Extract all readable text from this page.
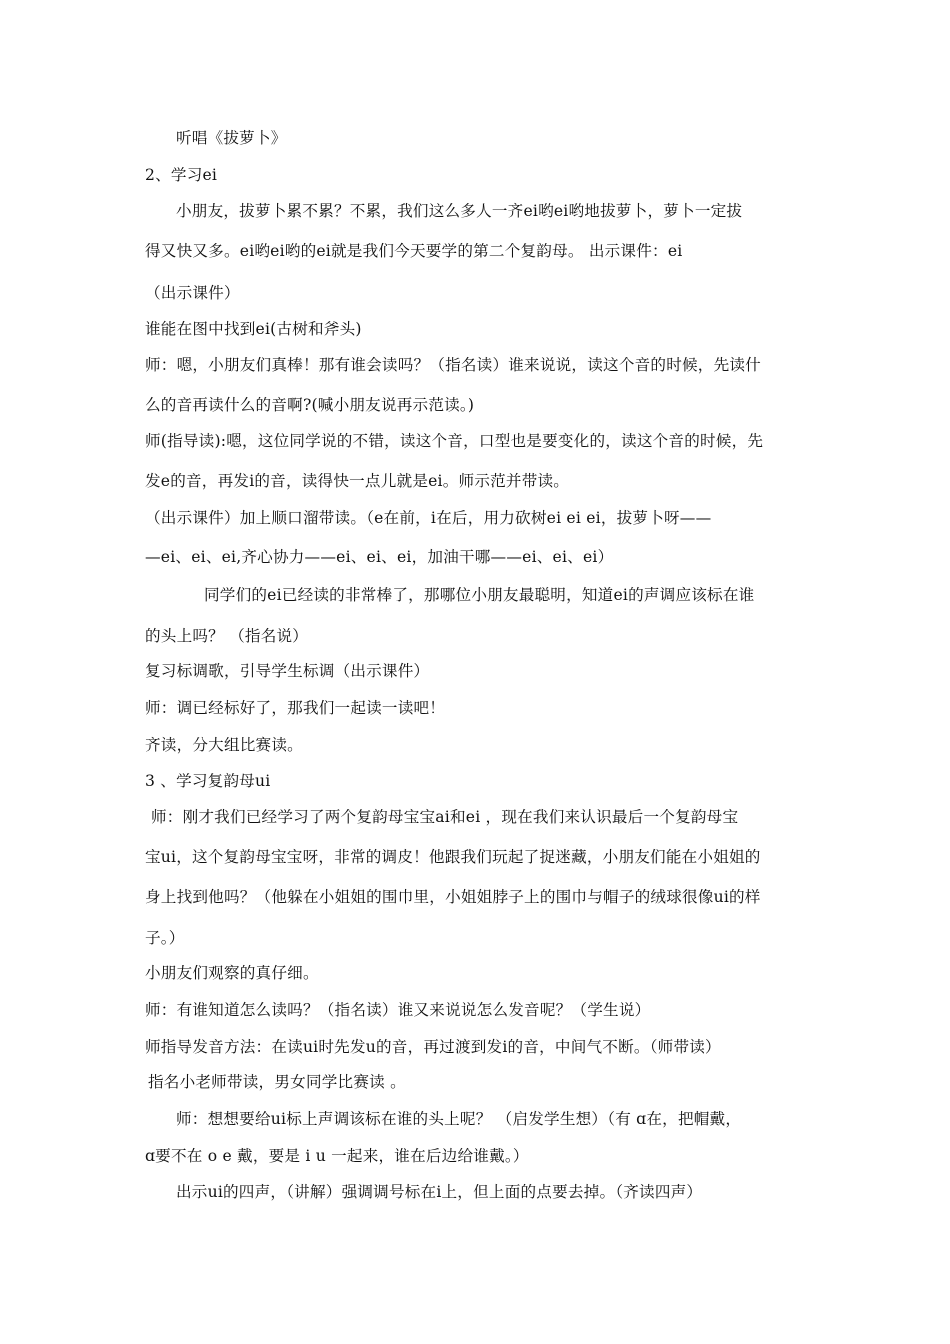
听唱《拔萝卜》
2、学习ei
小朋友，拔萝卜累不累？不累，我们这么多人一齐ei哟ei哟地拔萝卜，萝卜一定拔
得又快又多。ei哟ei哟的ei就是我们今天要学的第二个复韵母。 出示课件：ei
（出示课件）
谁能在图中找到ei(古树和斧头)
师：嗯，小朋友们真棒！那有谁会读吗？（指名读）谁来说说，读这个音的时候，先读什
么的音再读什么的音啊?(喊小朋友说再示范读。)
师(指导读):嗯，这位同学说的不错，读这个音，口型也是要变化的，读这个音的时候，先
发e的音，再发i的音，读得快一点儿就是ei。师示范并带读。
（出示课件）加上顺口溜带读。（e在前，i在后，用力砍树ei ei ei，拔萝卜呀——
—ei、ei、ei,齐心协力——ei、ei、ei，加油干哪——ei、ei、ei）
同学们的ei已经读的非常棒了，那哪位小朋友最聪明，知道ei的声调应该标在谁
的头上吗？ （指名说）
复习标调歌，引导学生标调（出示课件）
师：调已经标好了，那我们一起读一读吧！
齐读，分大组比赛读。
3 、学习复韵母ui
师：刚才我们已经学习了两个复韵母宝宝ai和ei ，现在我们来认识最后一个复韵母宝
宝ui，这个复韵母宝宝呀，非常的调皮！他跟我们玩起了捉迷藏，小朋友们能在小姐姐的
身上找到他吗？（他躲在小姐姐的围巾里，小姐姐脖子上的围巾与帽子的绒球很像ui的样
子。）
小朋友们观察的真仔细。
师：有谁知道怎么读吗？（指名读）谁又来说说怎么发音呢？（学生说）
师指导发音方法：在读ui时先发u的音，再过渡到发i的音，中间气不断。（师带读）
指名小老师带读，男女同学比赛读 。
师：想想要给ui标上声调该标在谁的头上呢？ （启发学生想）（有 ɑ在，把帽戴，
ɑ要不在 o e 戴，要是 i u 一起来，谁在后边给谁戴。）
出示ui的四声，（讲解）强调调号标在i上，但上面的点要去掉。（齐读四声）
